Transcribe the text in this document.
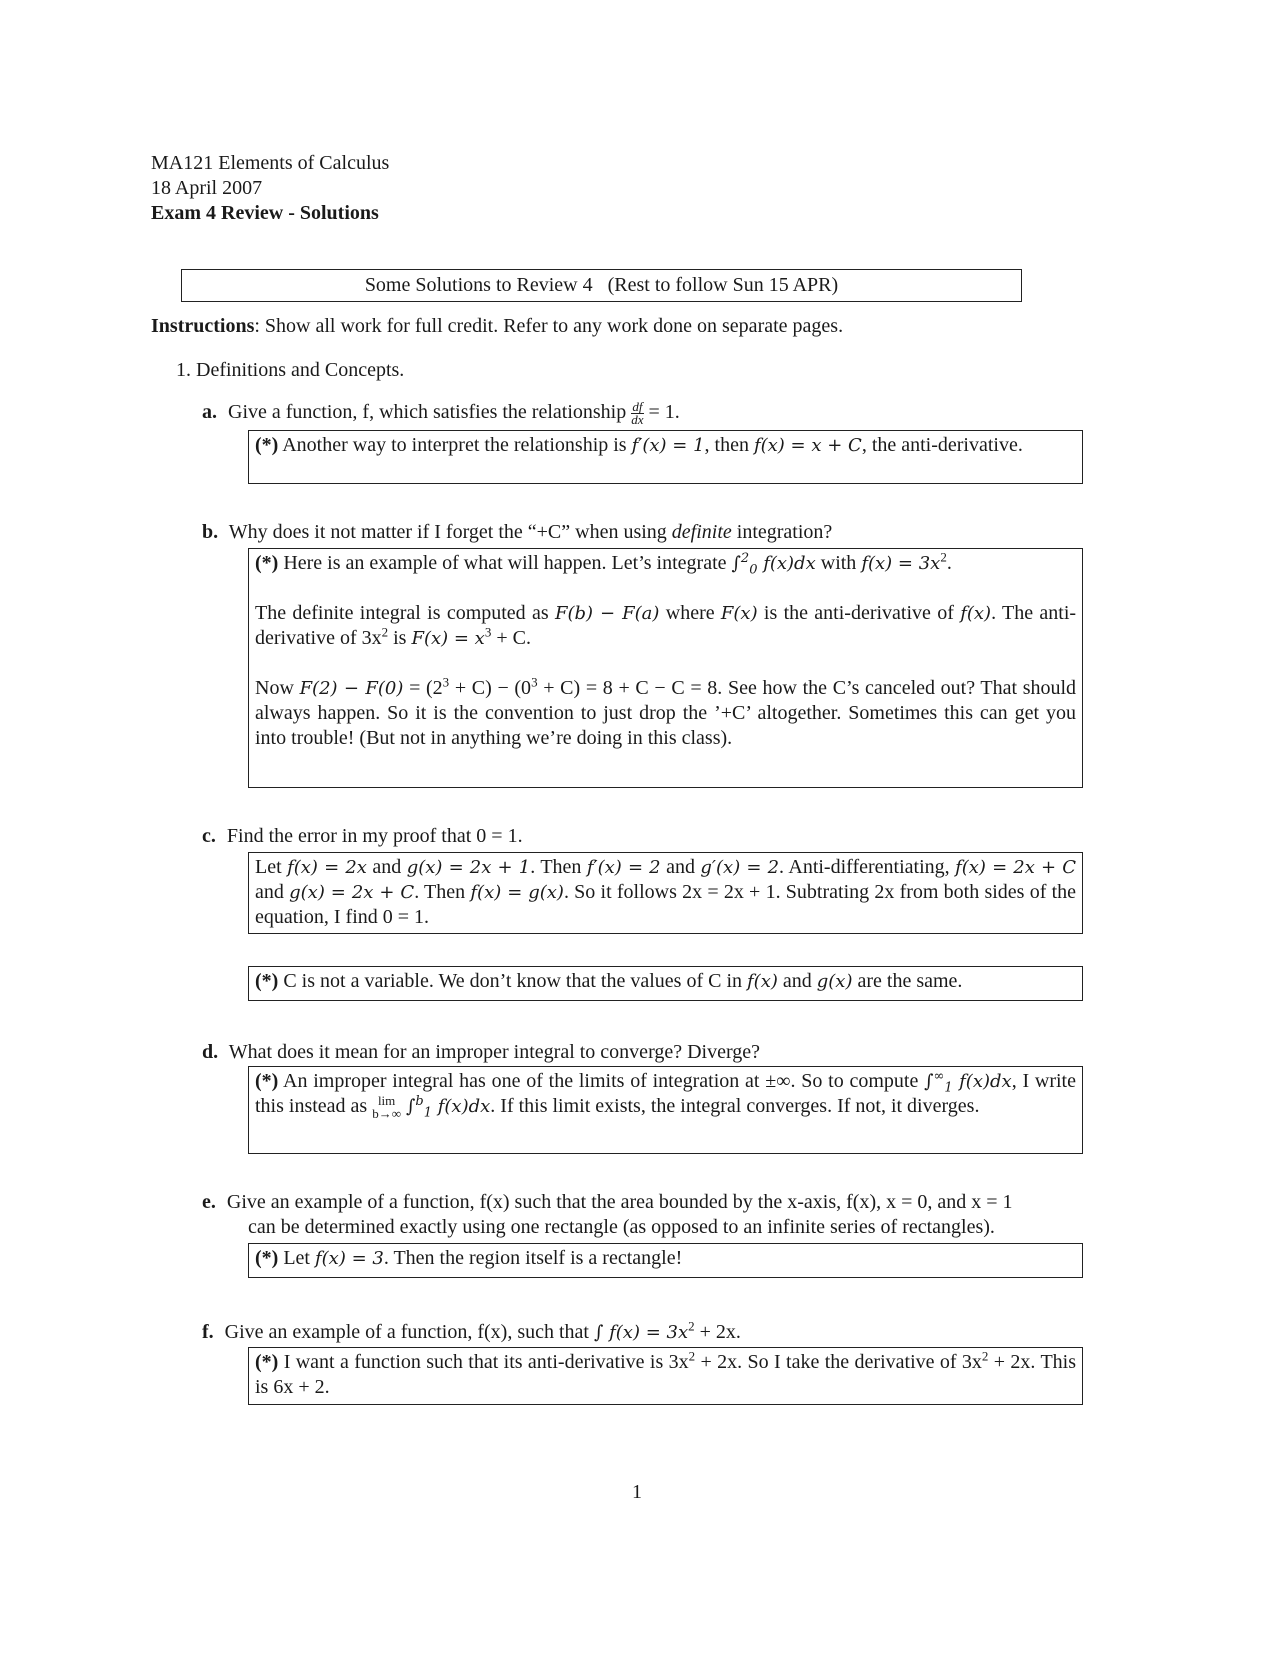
MA121 Elements of Calculus
18 April 2007
Exam 4 Review - Solutions
Some Solutions to Review 4   (Rest to follow Sun 15 APR)
Instructions: Show all work for full credit. Refer to any work done on separate pages.
1. Definitions and Concepts.
a. Give a function, f, which satisfies the relationship $\frac{df}{dx} = 1$.
(*) Another way to interpret the relationship is f′(x) = 1, then f(x) = x + C, the anti-derivative.
b. Why does it not matter if I forget the “+C” when using definite integration?

(*) Here is an example of what will happen. Let’s integrate ∫$^2_0$ f(x)dx with $f(x) = 3x^2$.

The definite integral is computed as F(b) − F(a) where F(x) is the anti-derivative of f(x). The anti-derivative of $3x^2$ is $F(x) = x^3 + C$.

Now $F(2) - F(0) = (2^3 + C) - (0^3 + C) = 8 + C - C = 8$. See how the C’s canceled out? That should always happen. So it is the convention to just drop the ’+C’ altogether. Sometimes this can get you into trouble! (But not in anything we’re doing in this class).

c. Find the error in my proof that 0 = 1.
Let f(x) = 2x and g(x) = 2x + 1. Then f′(x) = 2 and g′(x) = 2. Anti-differentiating, f(x) = 2x + C and g(x) = 2x + C. Then f(x) = g(x). So it follows 2x = 2x + 1. Subtrating 2x from both sides of the equation, I find 0 = 1.
(*) C is not a variable. We don’t know that the values of C in f(x) and g(x) are the same.
d. What does it mean for an improper integral to converge? Diverge?
(*) An improper integral has one of the limits of integration at ±∞. So to compute $\int^\infty_1$ f(x)dx, I write this instead as lim
b→∞ ∫$^b_1$ f(x)dx. If this limit exists, the integral converges. If not, it diverges.
e. Give an example of a function, f(x) such that the area bounded by the x-axis, f(x), x = 0, and x = 1
can be determined exactly using one rectangle (as opposed to an infinite series of rectangles).
(*) Let f(x) = 3. Then the region itself is a rectangle!
f. Give an example of a function, f(x), such that ∫ $f(x) = 3x^2 + 2x$.
(*) I want a function such that its anti-derivative is $3x^2 + 2x$. So I take the derivative of $3x^2 + 2x$. This is 6x + 2.
1
